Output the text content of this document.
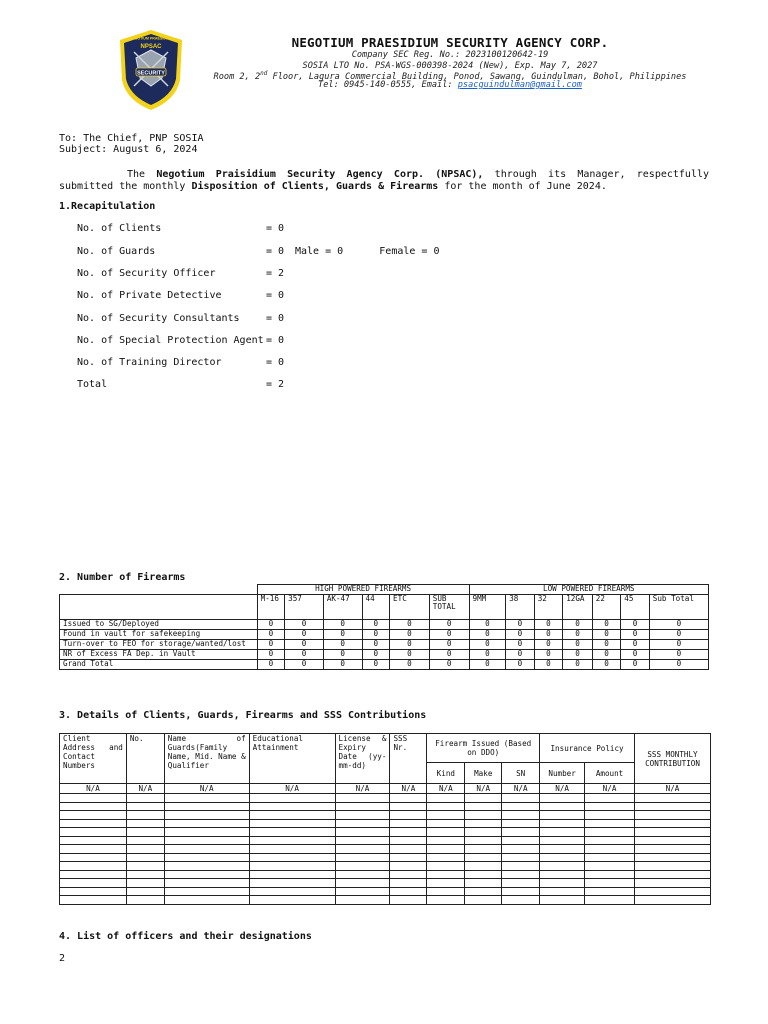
SECURITY
NPSAC
NEGOTIUM PRAESIDIUM	NEGOTIUM PRAESIDIUM SECURITY AGENCY CORP.
Company SEC Reg. No.: 2023100120642-19
SOSIA LTO No. PSA-WGS-000398-2024 (New), Exp. May 7, 2027
Room 2, 2nd Floor, Lagura Commercial Building, Ponod, Sawang, Guindulman, Bohol, Philippines
Tel: 0945-140-0555, Email: psacguindulman@gmail.com
To: The Chief, PNP SOSIA
Subject: August 6, 2024
The Negotium Praisidium Security Agency Corp. (NPSAC), through its Manager, respectfully submitted the monthly Disposition of Clients, Guards & Firearms for the month of June 2024.
1.Recapitulation
No. of Clients	= 0
No. of Guards	= 0 Male = 0      Female = 0
No. of Security Officer	= 2
No. of Private Detective	= 0
No. of Security Consultants	= 0
No. of Special Protection Agent = 0
No. of Training Director	= 0
Total	= 2
2. Number of Firearms
	HIGH POWERED FIREARMS						LOW POWERED FIREARMS						
	M-16	357	AK-47	44	ETC	SUB TOTAL	9MM	38	32	12GA	22	45	Sub Total

Issued to SG/Deployed	0	0	0	0	0	0	0	0	0	0	0	0	0
Found in vault for safekeeping	0	0	0	0	0	0	0	0	0	0	0	0	0
Turn-over to FEO for storage/wanted/lost	0	0	0	0	0	0	0	0	0	0	0	0	0
NR of Excess FA Dep. in Vault	0	0	0	0	0	0	0	0	0	0	0	0	0
Grand Total	0	0	0	0	0	0	0	0	0	0	0	0	0
3. Details of Clients, Guards, Firearms and SSS Contributions
Client Address and Contact Numbers	No.	Name of Guards(Family Name, Mid. Name & Qualifier	Educational Attainment	License & Expiry Date (yy-mm-dd)	SSS Nr.	Firearm Issued (Based on DDO)			Insurance Policy		SSS MONTHLY CONTRIBUTION
						Kind	Make	SN	Number	Amount	
N/A	N/A	N/A	N/A	N/A	N/A	N/A	N/A	N/A	N/A	N/A	N/A

4. List of officers and their designations
2
